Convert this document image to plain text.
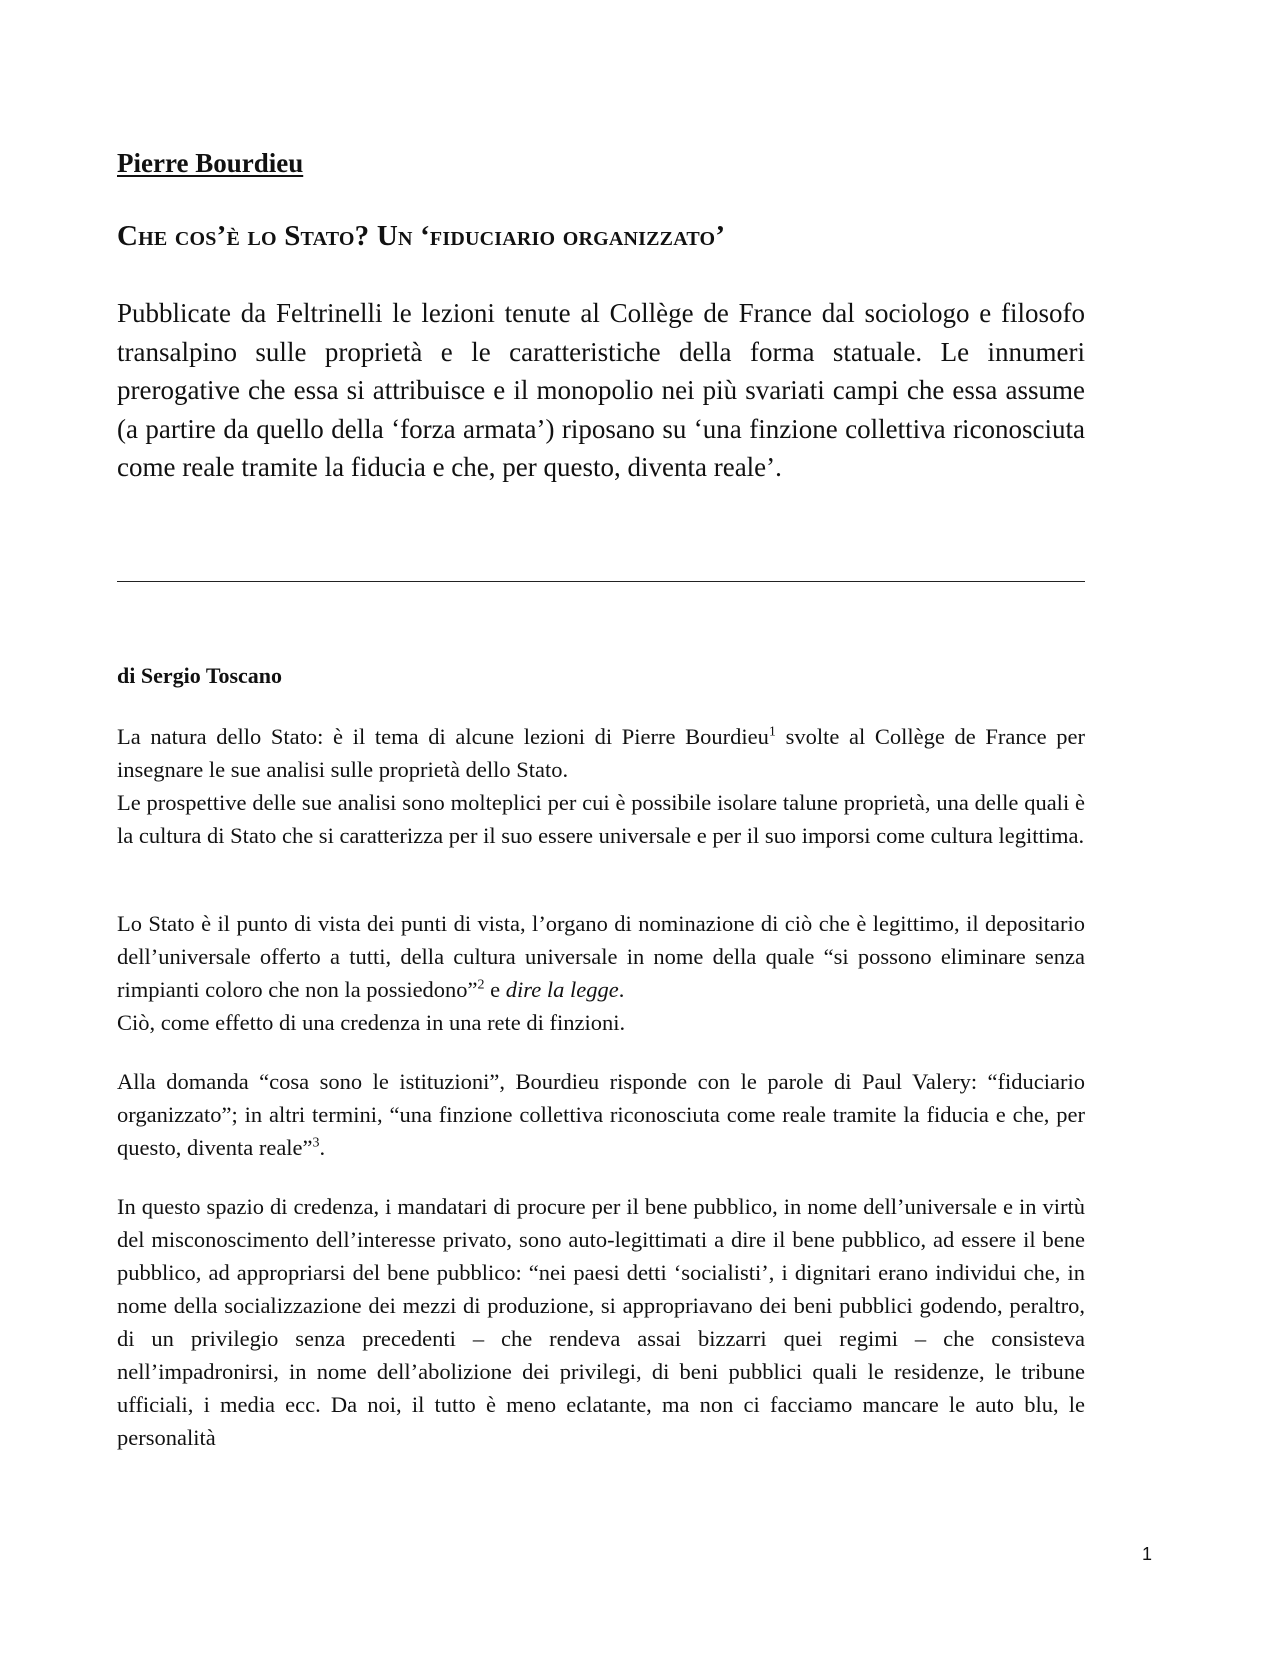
Pierre Bourdieu
Che cos’è lo Stato? Un ‘fiduciario organizzato’

Pubblicate da Feltrinelli le lezioni tenute al Collège de France dal sociologo e filosofo transalpino sulle proprietà e le caratteristiche della forma statuale. Le innumeri prerogative che essa si attribuisce e il monopolio nei più svariati campi che essa assume (a partire da quello della ‘forza armata’) riposano su ‘una finzione collettiva riconosciuta come reale tramite la fiducia e che, per questo, diventa reale’.

di Sergio Toscano

La natura dello Stato: è il tema di alcune lezioni di Pierre Bourdieu$^1$ svolte al Collège de France per insegnare le sue analisi sulle proprietà dello Stato.

Le prospettive delle sue analisi sono molteplici per cui è possibile isolare talune proprietà, una delle quali è la cultura di Stato che si caratterizza per il suo essere universale e per il suo imporsi come cultura legittima.

Lo Stato è il punto di vista dei punti di vista, l’organo di nominazione di ciò che è legittimo, il depositario dell’universale offerto a tutti, della cultura universale in nome della quale “si possono eliminare senza rimpianti coloro che non la possiedono”$^2$ e dire la legge.

Ciò, come effetto di una credenza in una rete di finzioni.

Alla domanda “cosa sono le istituzioni”, Bourdieu risponde con le parole di Paul Valery: “fiduciario organizzato”; in altri termini, “una finzione collettiva riconosciuta come reale tramite la fiducia e che, per questo, diventa reale”$^3$.

In questo spazio di credenza, i mandatari di procure per il bene pubblico, in nome dell’universale e in virtù del misconoscimento dell’interesse privato, sono auto-legittimati a dire il bene pubblico, ad essere il bene pubblico, ad appropriarsi del bene pubblico: “nei paesi detti ‘socialisti’, i dignitari erano individui che, in nome della socializzazione dei mezzi di produzione, si appropriavano dei beni pubblici godendo, peraltro, di un privilegio senza precedenti – che rendeva assai bizzarri quei regimi – che consisteva nell’impadronirsi, in nome dell’abolizione dei privilegi, di beni pubblici quali le residenze, le tribune ufficiali, i media ecc. Da noi, il tutto è meno eclatante, ma non ci facciamo mancare le auto blu, le personalità

1
